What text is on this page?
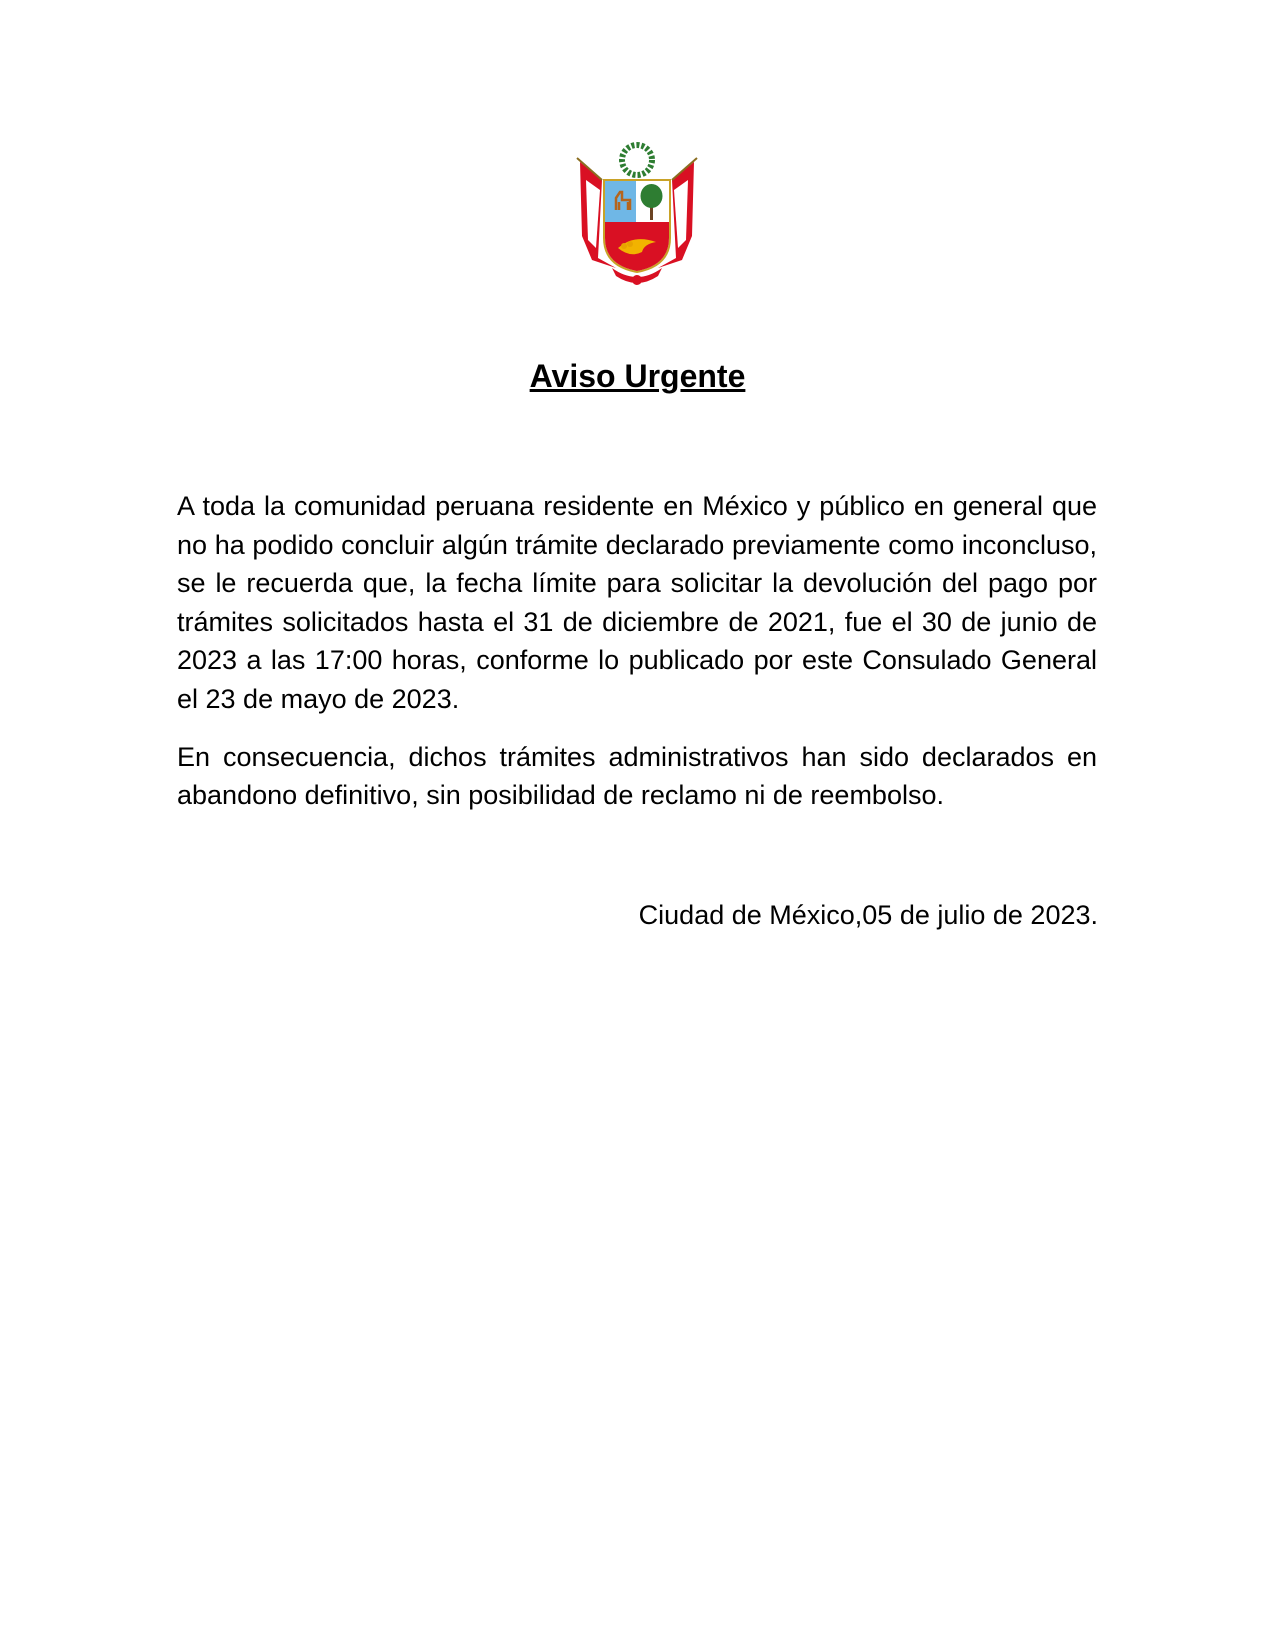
Aviso Urgente

A toda la comunidad peruana residente en México y público en general que no ha podido concluir algún trámite declarado previamente como inconcluso, se le recuerda que, la fecha límite para solicitar la devolución del pago por trámites solicitados hasta el 31 de diciembre de 2021, fue el 30 de junio de 2023 a las 17:00 horas, conforme lo publicado por este Consulado General el 23 de mayo de 2023.

En consecuencia, dichos trámites administrativos han sido declarados en abandono definitivo, sin posibilidad de reclamo ni de reembolso.

Ciudad de México,05 de julio de 2023.
